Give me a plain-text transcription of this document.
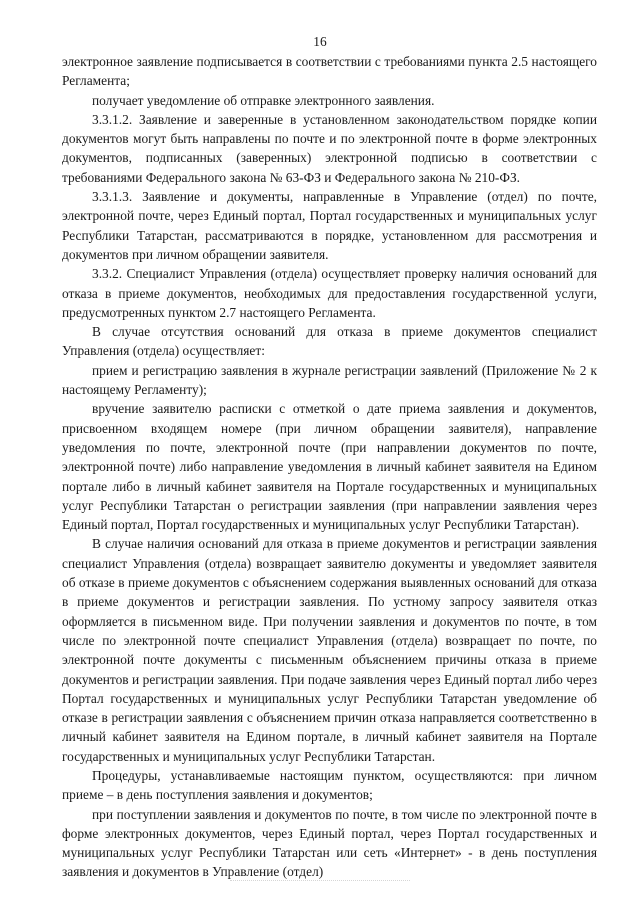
16

электронное заявление подписывается в соответствии с требованиями пункта 2.5 настоящего Регламента;

получает уведомление об отправке электронного заявления.

3.3.1.2. Заявление и заверенные в установленном законодательством порядке копии документов могут быть направлены по почте и по электронной почте в форме электронных документов, подписанных (заверенных) электронной подписью в соответствии с требованиями Федерального закона № 63-ФЗ и Федерального закона № 210-ФЗ.

3.3.1.3. Заявление и документы, направленные в Управление (отдел) по почте, электронной почте, через Единый портал, Портал государственных и муниципальных услуг Республики Татарстан, рассматриваются в порядке, установленном для рассмотрения и документов при личном обращении заявителя.

3.3.2. Специалист Управления (отдела) осуществляет проверку наличия оснований для отказа в приеме документов, необходимых для предоставления государственной услуги, предусмотренных пунктом 2.7 настоящего Регламента.

В случае отсутствия оснований для отказа в приеме документов специалист Управления (отдела) осуществляет:

прием и регистрацию заявления в журнале регистрации заявлений (Приложение № 2 к настоящему Регламенту);

вручение заявителю расписки с отметкой о дате приема заявления и документов, присвоенном входящем номере (при личном обращении заявителя), направление уведомления по почте, электронной почте (при направлении документов по почте, электронной почте) либо направление уведомления в личный кабинет заявителя на Едином портале либо в личный кабинет заявителя на Портале государственных и муниципальных услуг Республики Татарстан о регистрации заявления (при направлении заявления через Единый портал, Портал государственных и муниципальных услуг Республики Татарстан).

В случае наличия оснований для отказа в приеме документов и регистрации заявления специалист Управления (отдела) возвращает заявителю документы и уведомляет заявителя об отказе в приеме документов с объяснением содержания выявленных оснований для отказа в приеме документов и регистрации заявления. По устному запросу заявителя отказ оформляется в письменном виде. При получении заявления и документов по почте, в том числе по электронной почте специалист Управления (отдела) возвращает по почте, по электронной почте документы с письменным объяснением причины отказа в приеме документов и регистрации заявления. При подаче заявления через Единый портал либо через Портал государственных и муниципальных услуг Республики Татарстан уведомление об отказе в регистрации заявления с объяснением причин отказа направляется соответственно в личный кабинет заявителя на Едином портале, в личный кабинет заявителя на Портале государственных и муниципальных услуг Республики Татарстан.

Процедуры, устанавливаемые настоящим пунктом, осуществляются: при личном приеме – в день поступления заявления и документов;

при поступлении заявления и документов по почте, в том числе по электронной почте в форме электронных документов, через Единый портал, через Портал государственных и муниципальных услуг Республики Татарстан или сеть «Интернет» - в день поступления заявления и документов в Управление (отдел)
